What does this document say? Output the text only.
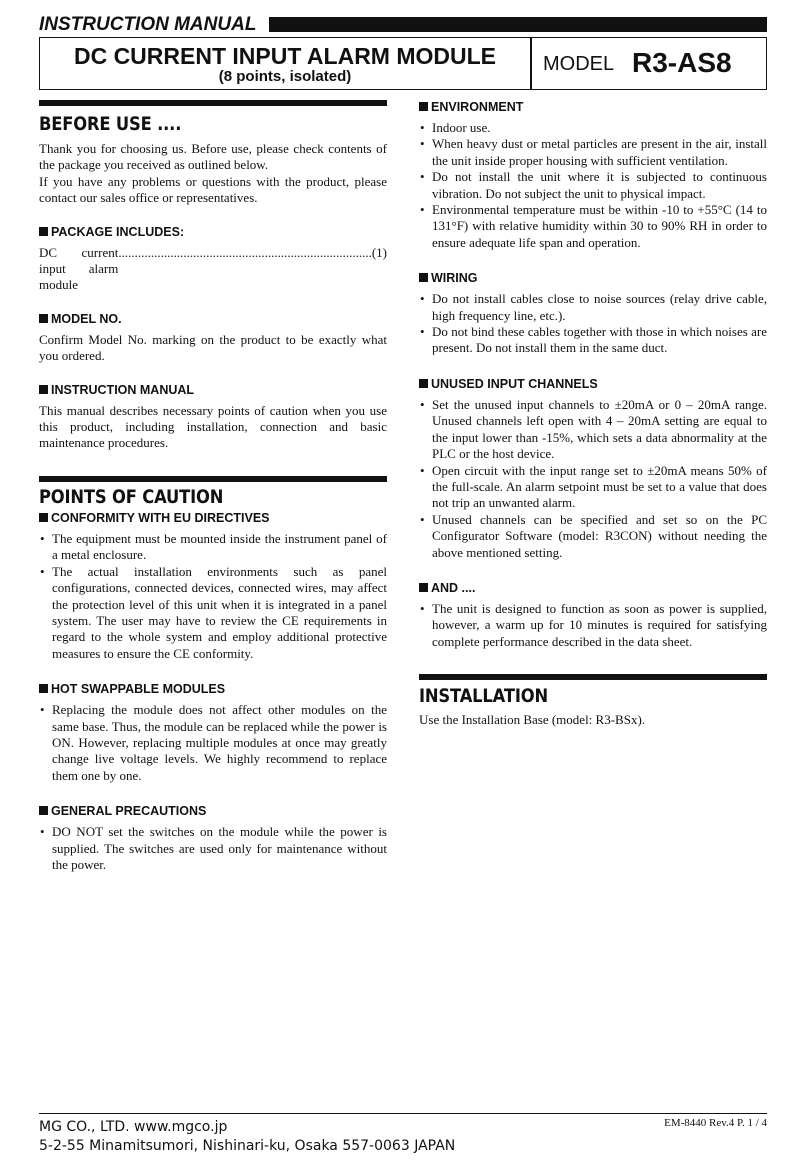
INSTRUCTION MANUAL
DC CURRENT INPUT ALARM MODULE
(8 points, isolated)
MODEL R3-AS8
BEFORE USE ....

Thank you for choosing us. Before use, please check contents of the package you received as outlined below.

If you have any problems or questions with the product, please contact our sales office or representatives.

PACKAGE INCLUDES:

DC current input alarm module
.............................................................................. (1)

MODEL NO.

Confirm Model No. marking on the product to be exactly what you ordered.

INSTRUCTION MANUAL

This manual describes necessary points of caution when you use this product, including installation, connection and basic maintenance procedures.

POINTS OF CAUTION
CONFORMITY WITH EU DIRECTIVES
• The equipment must be mounted inside the instrument panel of a metal enclosure.
• The actual installation environments such as panel configurations, connected devices, connected wires, may affect the protection level of this unit when it is integrated in a panel system. The user may have to review the CE requirements in regard to the whole system and employ additional protective measures to ensure the CE conformity.
HOT SWAPPABLE MODULES
• Replacing the module does not affect other modules on the same base. Thus, the module can be replaced while the power is ON. However, replacing multiple modules at once may greatly change live voltage levels. We highly recommend to replace them one by one.
GENERAL PRECAUTIONS
• DO NOT set the switches on the module while the power is supplied. The switches are used only for maintenance without the power.
ENVIRONMENT
• Indoor use.
• When heavy dust or metal particles are present in the air, install the unit inside proper housing with sufficient ventilation.
• Do not install the unit where it is subjected to continuous vibration. Do not subject the unit to physical impact.
• Environmental temperature must be within -10 to +55°C (14 to 131°F) with relative humidity within 30 to 90% RH in order to ensure adequate life span and operation.
WIRING
• Do not install cables close to noise sources (relay drive cable, high frequency line, etc.).
• Do not bind these cables together with those in which noises are present. Do not install them in the same duct.
UNUSED INPUT CHANNELS
• Set the unused input channels to ±20mA or 0 – 20mA range. Unused channels left open with 4 – 20mA setting are equal to the input lower than -15%, which sets a data abnormality at the PLC or the host device.
• Open circuit with the input range set to ±20mA means 50% of the full-scale. An alarm setpoint must be set to a value that does not trip an unwanted alarm.
• Unused channels can be specified and set so on the PC Configurator Software (model: R3CON) without needing the above mentioned setting.
AND ....
• The unit is designed to function as soon as power is supplied, however, a warm up for 10 minutes is required for satisfying complete performance described in the data sheet.
INSTALLATION

Use the Installation Base (model: R3-BSx).

MG CO., LTD. www.mgco.jp
5-2-55 Minamitsumori, Nishinari-ku, Osaka 557-0063 JAPAN
EM-8440 Rev.4 P. 1 / 4
